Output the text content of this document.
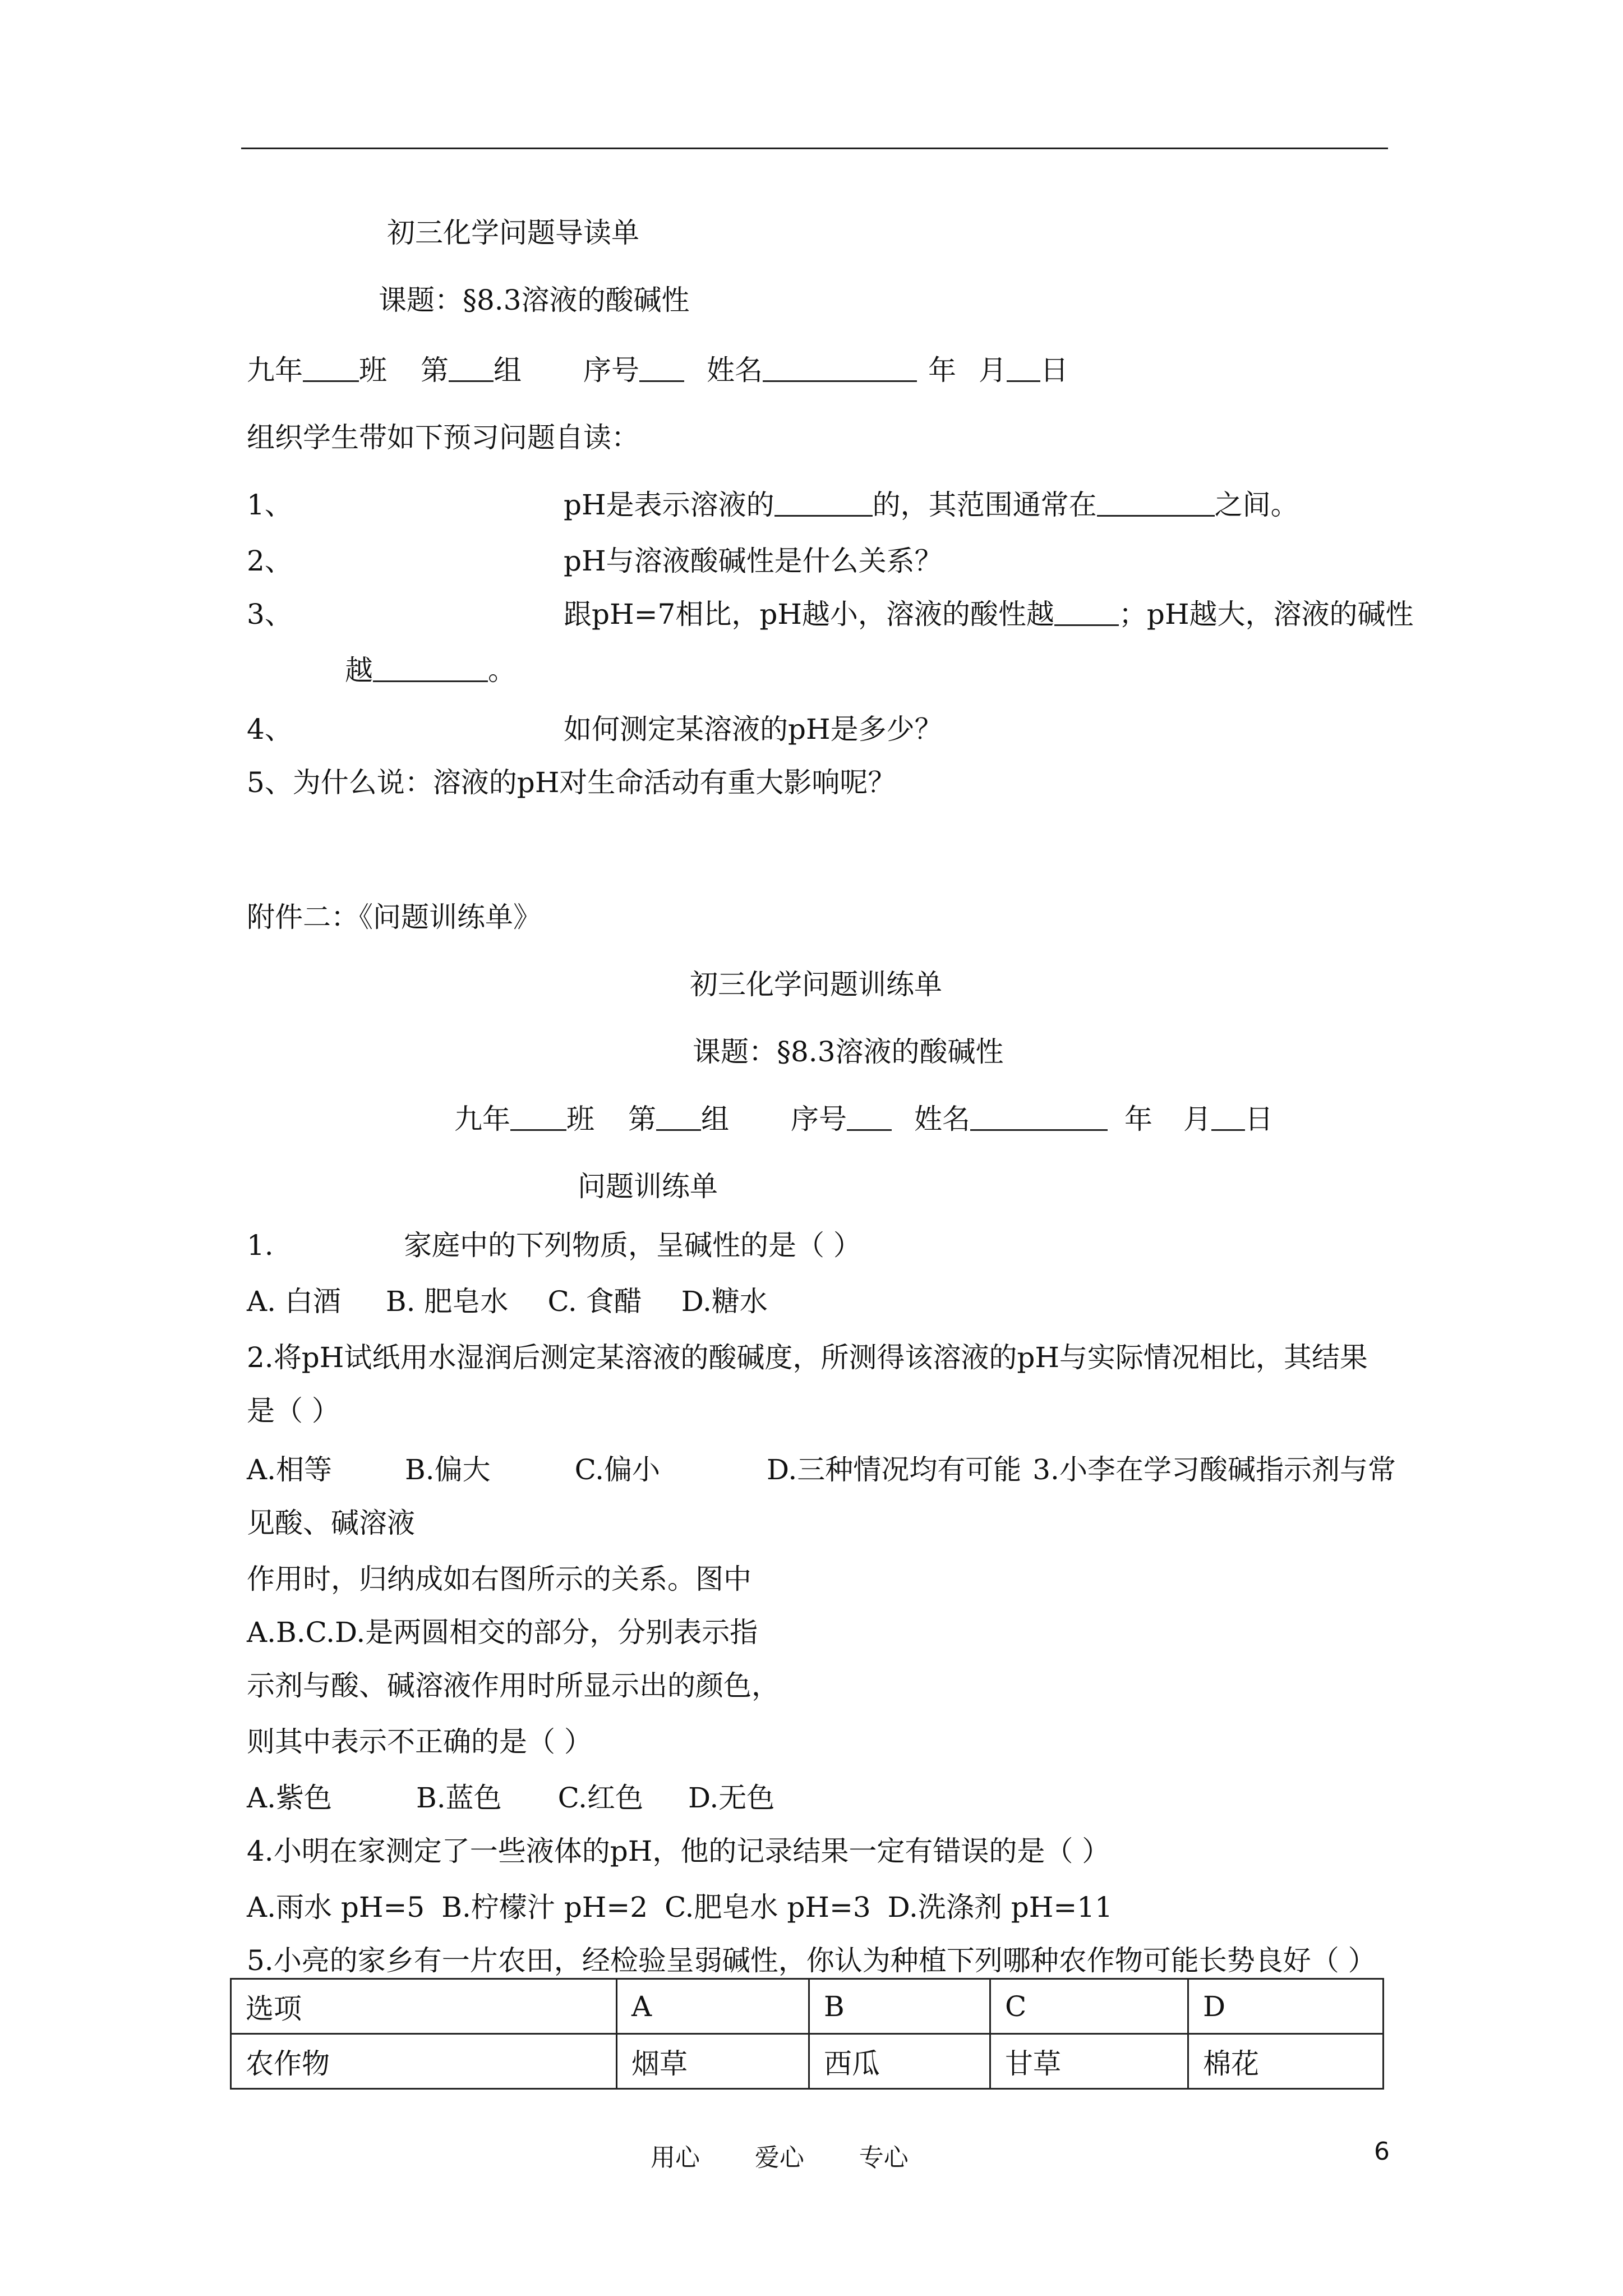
初三化学问题导读单
课题：§8.3溶液的酸碱性
九年 班 第 组 序号 姓名	年 月 日
组织学生带如下预习问题自读：
1、	pH是表示溶液的	的，其范围通常在	之间。
2、	pH与溶液酸碱性是什么关系？
3、	跟pH=7相比，pH越小，溶液的酸性越 ；pH越大，溶液的碱性
越	。
4、	如何测定某溶液的pH是多少？
5、为什么说：溶液的pH对生命活动有重大影响呢？
附件二：《问题训练单》
初三化学问题训练单
课题：§8.3溶液的酸碱性
九年 班 第 组 序号 姓名	年 月 日
问题训练单
1.	家庭中的下列物质，呈碱性的是（ ）
A. 白酒 B. 肥皂水 C. 食醋 D.糖水
2.将pH试纸用水湿润后测定某溶液的酸碱度，所测得该溶液的pH与实际情况相比，其结果
是（ ）
A.相等	B.偏大	C.偏小	D.三种情况均有可能 3.小李在学习酸碱指示剂与常
见酸、碱溶液
作用时，归纳成如右图所示的关系。图中
A.B.C.D.是两圆相交的部分，分别表示指
示剂与酸、碱溶液作用时所显示出的颜色，
则其中表示不正确的是（ ）
A.紫色	B.蓝色 C.红色 D.无色
4.小明在家测定了一些液体的pH，他的记录结果一定有错误的是（ ）
A.雨水 pH=5 B.柠檬汁 pH=2 C.肥皂水 pH=3 D.洗涤剂 pH=11
5.小亮的家乡有一片农田，经检验呈弱碱性，你认为种植下列哪种农作物可能长势良好（ ）
选项	A	B	C	D
农作物	烟草	西瓜	甘草	棉花
用心       爱心       专心	6
